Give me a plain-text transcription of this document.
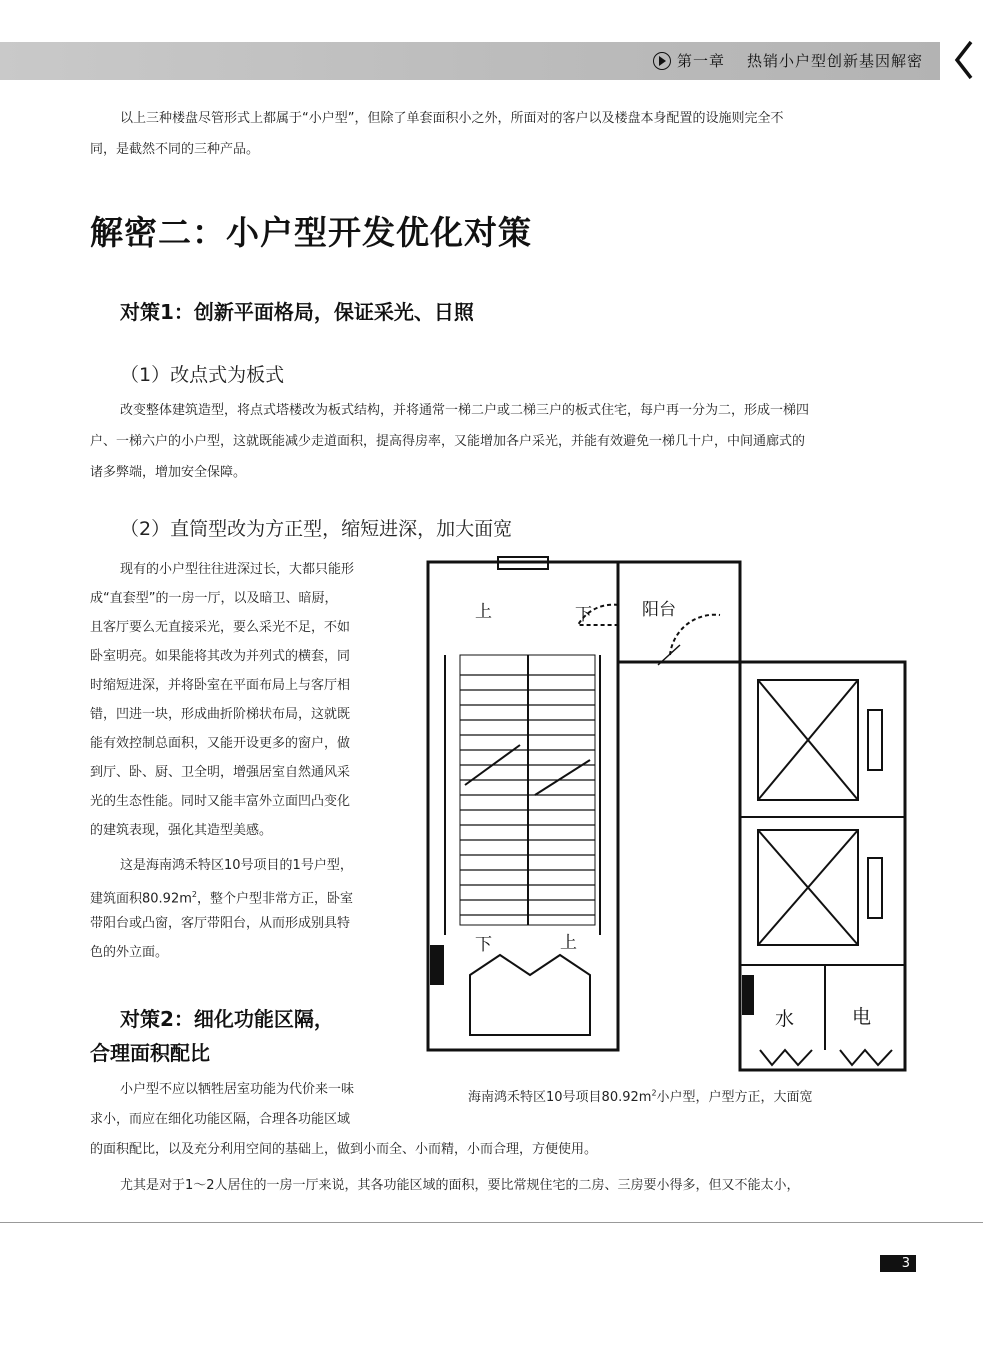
第一章 热销小户型创新基因解密
以上三种楼盘尽管形式上都属于“小户型”，但除了单套面积小之外，所面对的客户以及楼盘本身配置的设施则完全不
同，是截然不同的三种产品。
解密二：小户型开发优化对策
对策1：创新平面格局，保证采光、日照
（1）改点式为板式
改变整体建筑造型，将点式塔楼改为板式结构，并将通常一梯二户或二梯三户的板式住宅，每户再一分为二，形成一梯四
户、一梯六户的小户型，这就既能减少走道面积，提高得房率，又能增加各户采光，并能有效避免一梯几十户，中间通廊式的
诸多弊端，增加安全保障。
（2）直筒型改为方正型，缩短进深，加大面宽
现有的小户型往往进深过长，大都只能形
成“直套型”的一房一厅，以及暗卫、暗厨，
且客厅要么无直接采光，要么采光不足，不如
卧室明亮。如果能将其改为并列式的横套，同
时缩短进深，并将卧室在平面布局上与客厅相
错，凹进一块，形成曲折阶梯状布局，这就既
能有效控制总面积，又能开设更多的窗户，做
到厅、卧、厨、卫全明，增强居室自然通风采
光的生态性能。同时又能丰富外立面凹凸变化
的建筑表现，强化其造型美感。
这是海南鸿禾特区10号项目的1号户型，
建筑面积$80.92m^2$，整个户型非常方正，卧室
带阳台或凸窗，客厅带阳台，从而形成别具特
色的外立面。
对策2：细化功能区隔，
合理面积配比
小户型不应以牺牲居室功能为代价来一味
求小，而应在细化功能区隔，合理各功能区域
的面积配比，以及充分利用空间的基础上，做到小而全、小而精，小而合理，方便使用。
尤其是对于1～2人居住的一房一厅来说，其各功能区域的面积，要比常规住宅的二房、三房要小得多，但又不能太小，
上	下	阳台
下	上
水	电
海南鸿禾特区10号项目$80.92m^2$小户型，户型方正，大面宽
3
